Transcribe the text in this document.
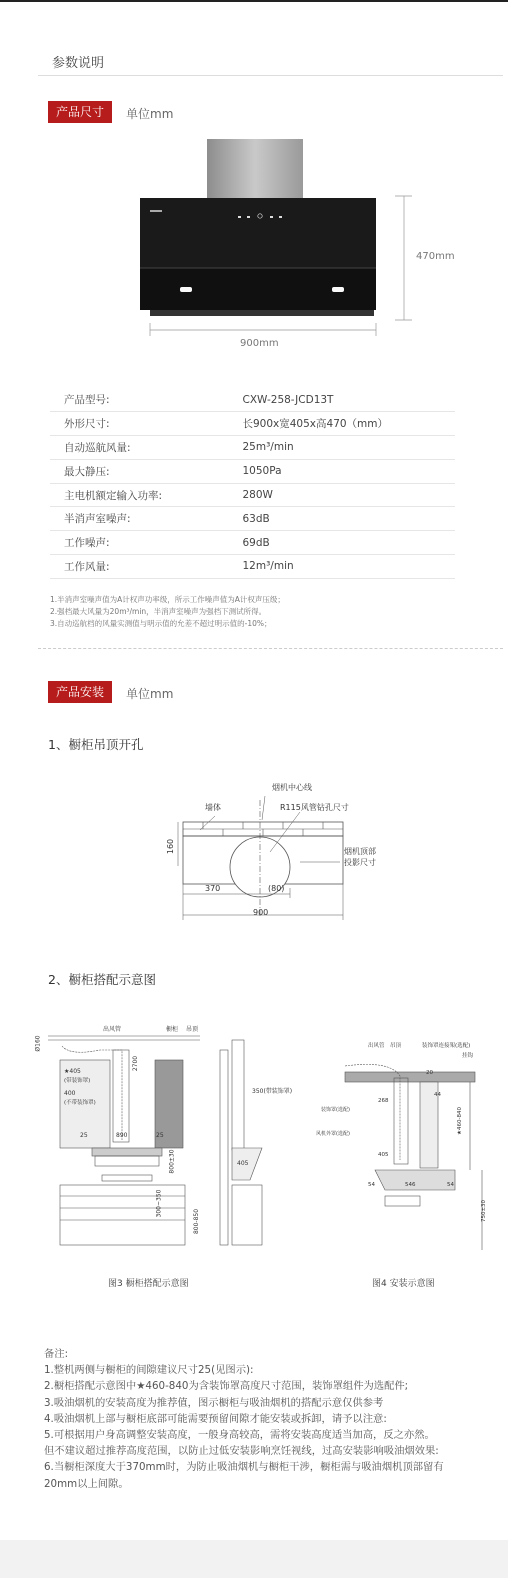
参数说明
产品尺寸	单位mm
470mm
900mm
产品型号:	CXW-258-JCD13T
外形尺寸:	长900x宽405x高470（mm）
自动巡航风量:	25m³/min
最大静压:	1050Pa
主电机额定输入功率:	280W
半消声室噪声:	63dB
工作噪声:	69dB
工作风量:	12m³/min
1.半消声室噪声值为A计权声功率级，所示工作噪声值为A计权声压级；
2.强档最大风量为20m³/min，半消声室噪声为强档下测试所得。
3.自动巡航档的风量实测值与明示值的允差不超过明示值的-10%；
产品安装	单位mm
1、橱柜吊顶开孔
烟机中心线
墙体	R115风管钻孔尺寸
烟机顶部
投影尺寸
160
370	(80)
900
2、橱柜搭配示意图
图3 橱柜搭配示意图
Ø160
出风管	橱柜 吊顶
2700
★405
(带装饰罩)
400
(不带装饰罩)
25	890	25
350(带装饰罩)
405
800±30
300~350
800-850
图4 安装示意图
出风管 吊顶	装饰罩连接架(选配)
挂钩
20
268
44
★460-840
装饰罩(选配)
风机外罩(选配)
405
54	546	54
750±30
备注:
1.整机两侧与橱柜的间隙建议尺寸25(见图示):
2.橱柜搭配示意图中★460-840为含装饰罩高度尺寸范围，装饰罩组件为选配件;
3.吸油烟机的安装高度为推荐值，图示橱柜与吸油烟机的搭配示意仅供参考
4.吸油烟机上部与橱柜底部可能需要预留间隙才能安装或拆卸，请予以注意:
5.可根据用户身高调整安装高度，一般身高较高，需将安装高度适当加高，反之亦然。
但不建议超过推荐高度范围，以防止过低安装影响烹饪视线，过高安装影响吸油烟效果:
6.当橱柜深度大于370mm时，为防止吸油烟机与橱柜干涉，橱柜需与吸油烟机顶部留有
20mm以上间隙。
